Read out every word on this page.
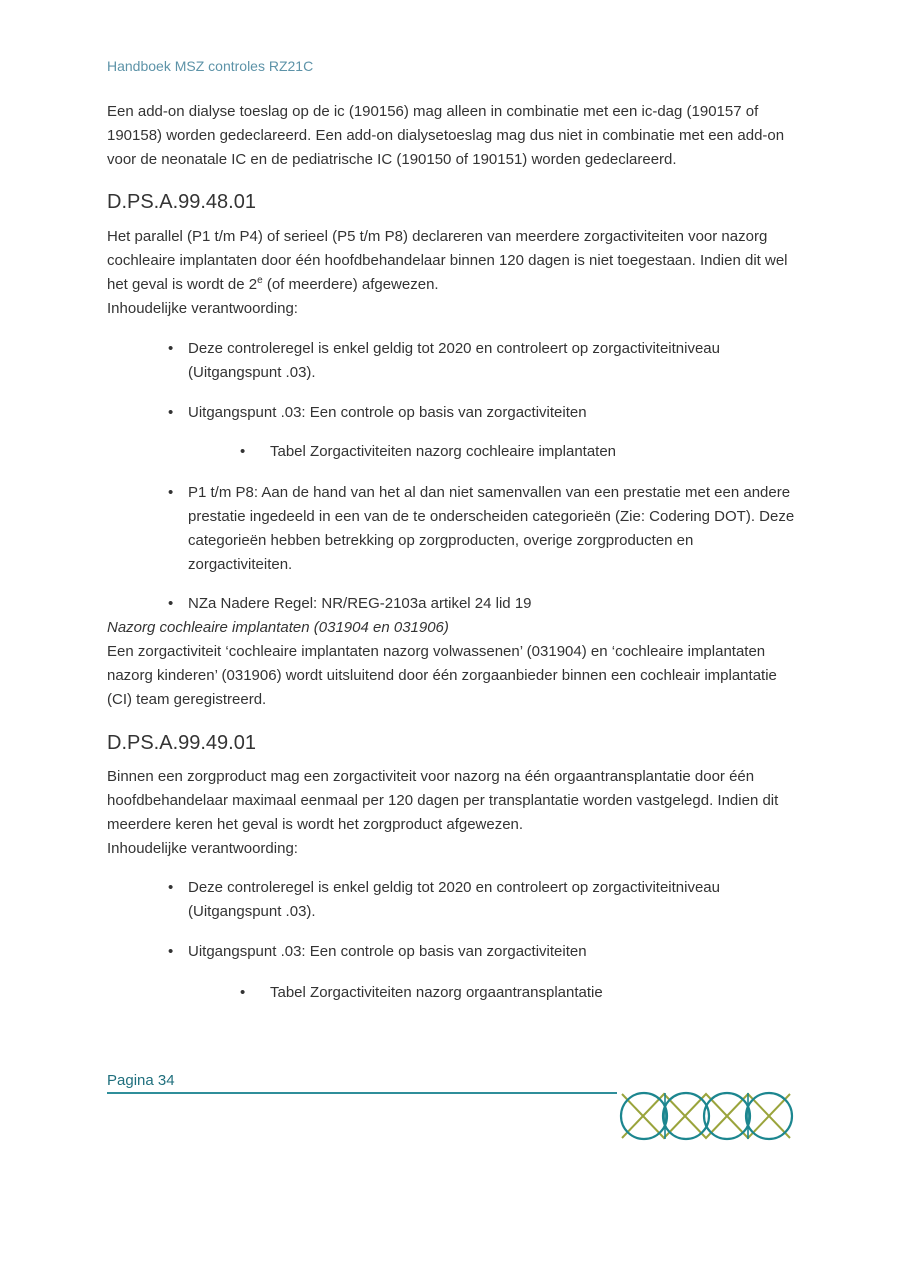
Handboek MSZ controles RZ21C

Een add-on dialyse toeslag op de ic (190156) mag alleen in combinatie met een ic-dag (190157 of 190158) worden gedeclareerd. Een add-on dialysetoeslag mag dus niet in combinatie met een add-on voor de neonatale IC en de pediatrische IC (190150 of 190151) worden gedeclareerd.

D.PS.A.99.48.01

Het parallel (P1 t/m P4) of serieel (P5 t/m P8) declareren van meerdere zorgactiviteiten voor nazorg cochleaire implantaten door één hoofdbehandelaar binnen 120 dagen is niet toegestaan. Indien dit wel het geval is wordt de 2e (of meerdere) afgewezen.

Inhoudelijke verantwoording:

• Deze controleregel is enkel geldig tot 2020 en controleert op zorgactiviteitniveau (Uitgangspunt .03).
• Uitgangspunt .03: Een controle op basis van zorgactiviteiten
•	Tabel Zorgactiviteiten nazorg cochleaire implantaten
• P1 t/m P8: Aan de hand van het al dan niet samenvallen van een prestatie met een andere prestatie ingedeeld in een van de te onderscheiden categorieën (Zie: Codering DOT). Deze categorieën hebben betrekking op zorgproducten, overige zorgproducten en zorgactiviteiten.
• NZa Nadere Regel: NR/REG-2103a artikel 24 lid 19

Nazorg cochleaire implantaten (031904 en 031906)

Een zorgactiviteit ‘cochleaire implantaten nazorg volwassenen’ (031904) en ‘cochleaire implantaten nazorg kinderen’ (031906) wordt uitsluitend door één zorgaanbieder binnen een cochleair implantatie (CI) team geregistreerd.

D.PS.A.99.49.01

Binnen een zorgproduct mag een zorgactiviteit voor nazorg na één orgaantransplantatie door één hoofdbehandelaar maximaal eenmaal per 120 dagen per transplantatie worden vastgelegd. Indien dit meerdere keren het geval is wordt het zorgproduct afgewezen.

Inhoudelijke verantwoording:

• Deze controleregel is enkel geldig tot 2020 en controleert op zorgactiviteitniveau (Uitgangspunt .03).
• Uitgangspunt .03: Een controle op basis van zorgactiviteiten
•	Tabel Zorgactiviteiten nazorg orgaantransplantatie
Pagina 34
